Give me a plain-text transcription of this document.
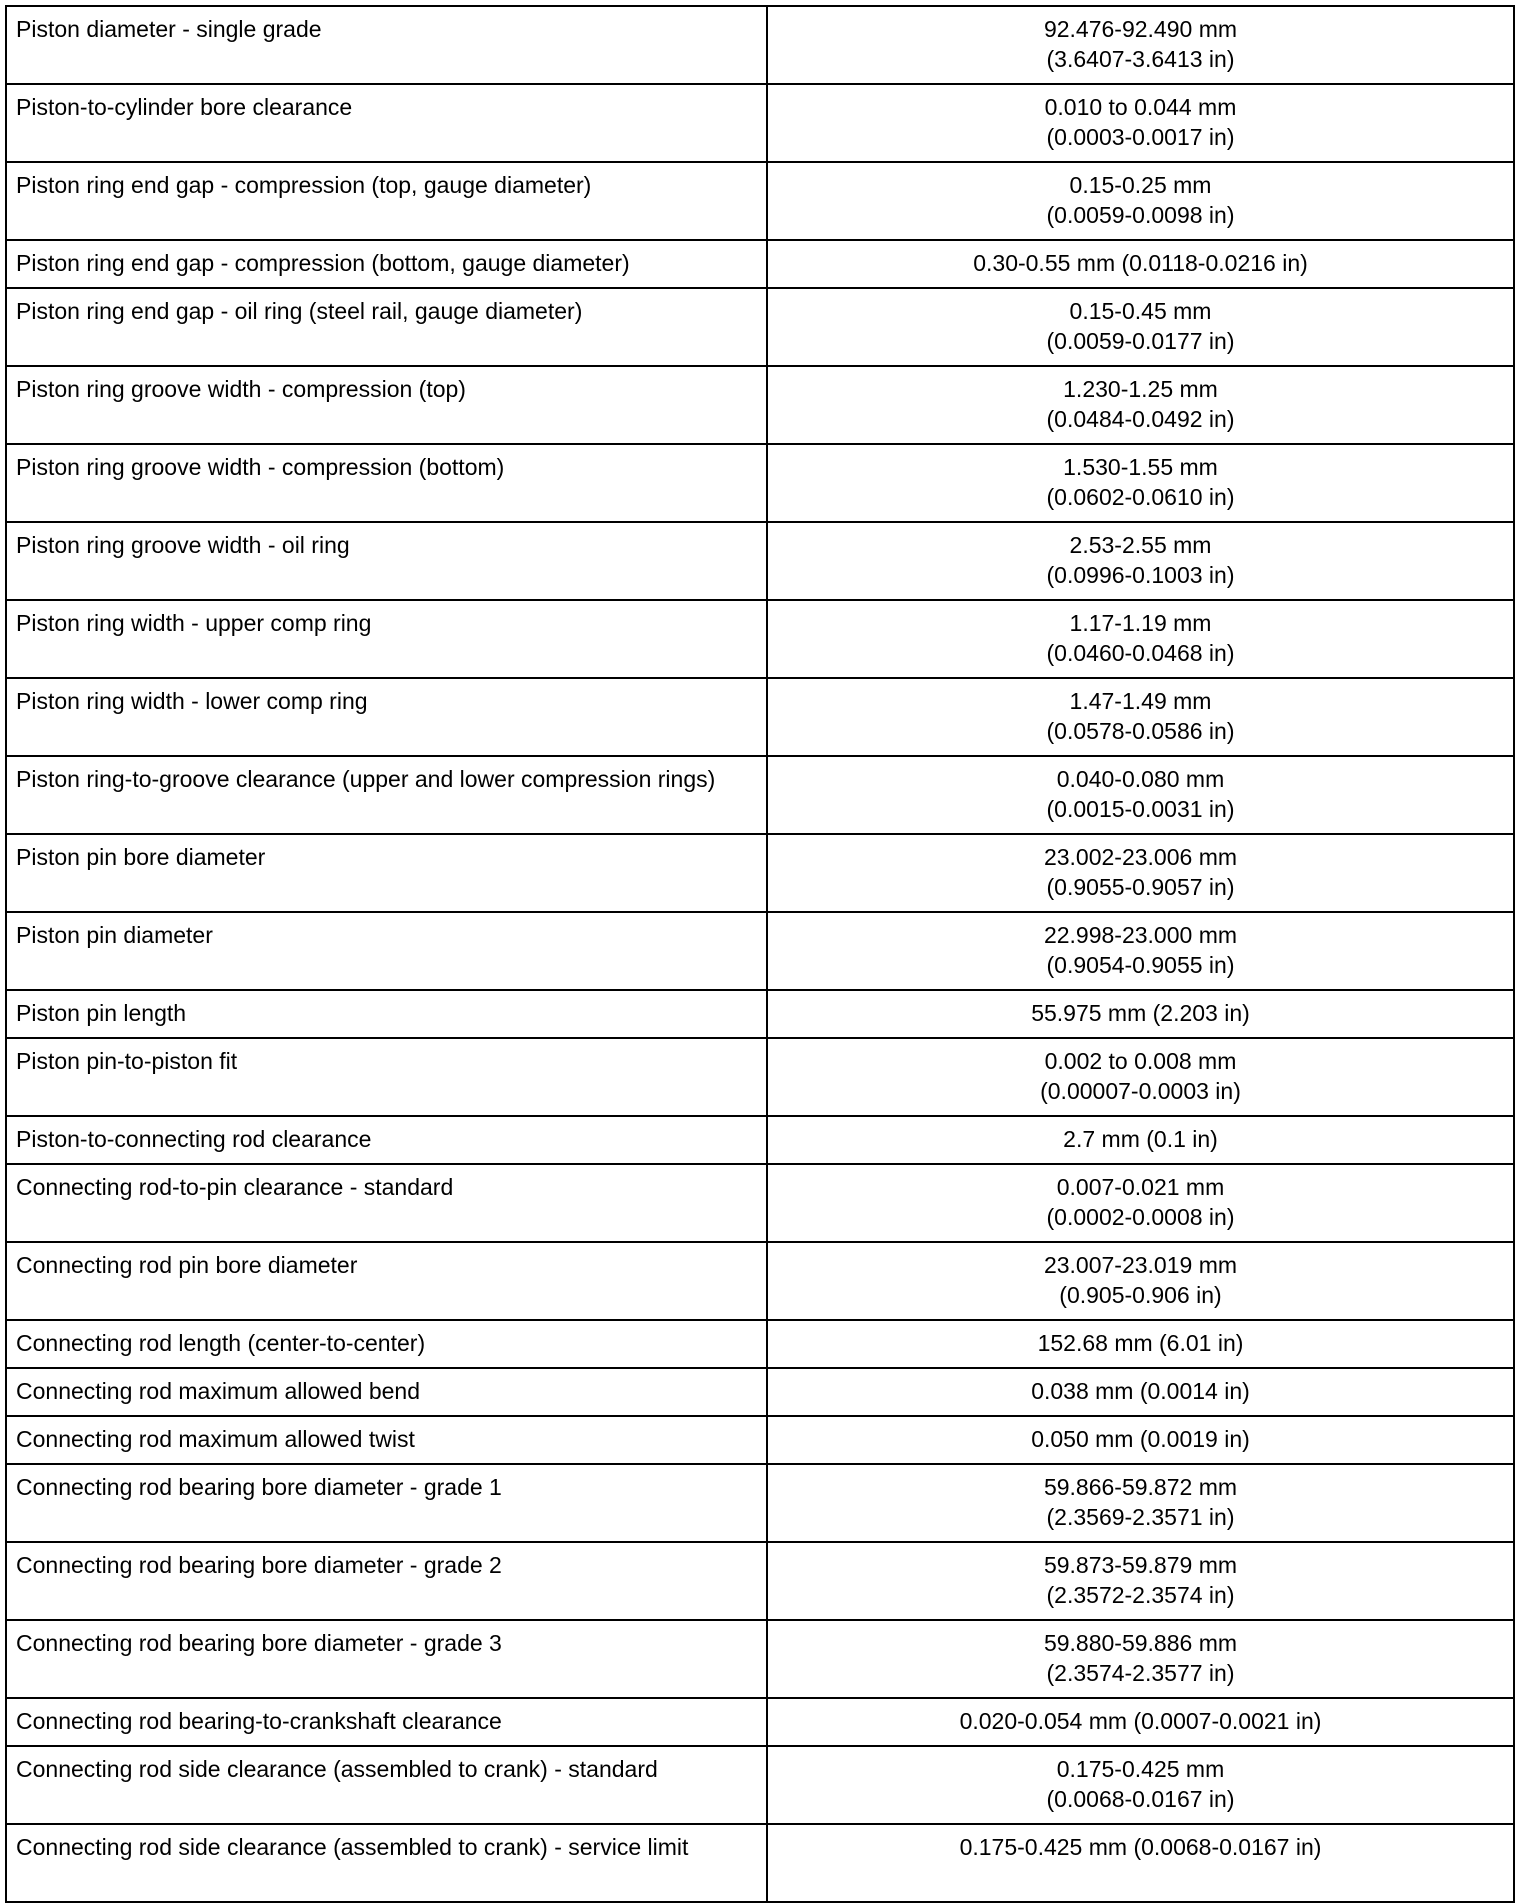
Piston diameter - single grade	92.476-92.490 mm
(3.6407-3.6413 in)

Piston-to-cylinder bore clearance	0.010 to 0.044 mm
(0.0003-0.0017 in)

Piston ring end gap - compression (top, gauge diameter)	0.15-0.25 mm
(0.0059-0.0098 in)

Piston ring end gap - compression (bottom, gauge diameter)	0.30-0.55 mm (0.0118-0.0216 in)

Piston ring end gap - oil ring (steel rail, gauge diameter)	0.15-0.45 mm
(0.0059-0.0177 in)

Piston ring groove width - compression (top)	1.230-1.25 mm
(0.0484-0.0492 in)

Piston ring groove width - compression (bottom)	1.530-1.55 mm
(0.0602-0.0610 in)

Piston ring groove width - oil ring	2.53-2.55 mm
(0.0996-0.1003 in)

Piston ring width - upper comp ring	1.17-1.19 mm
(0.0460-0.0468 in)

Piston ring width - lower comp ring	1.47-1.49 mm
(0.0578-0.0586 in)

Piston ring-to-groove clearance (upper and lower compression rings)	0.040-0.080 mm
(0.0015-0.0031 in)

Piston pin bore diameter	23.002-23.006 mm
(0.9055-0.9057 in)

Piston pin diameter	22.998-23.000 mm
(0.9054-0.9055 in)

Piston pin length	55.975 mm (2.203 in)

Piston pin-to-piston fit	0.002 to 0.008 mm
(0.00007-0.0003 in)

Piston-to-connecting rod clearance	2.7 mm (0.1 in)

Connecting rod-to-pin clearance - standard	0.007-0.021 mm
(0.0002-0.0008 in)

Connecting rod pin bore diameter	23.007-23.019 mm
(0.905-0.906 in)

Connecting rod length (center-to-center)	152.68 mm (6.01 in)

Connecting rod maximum allowed bend	0.038 mm (0.0014 in)

Connecting rod maximum allowed twist	0.050 mm (0.0019 in)

Connecting rod bearing bore diameter - grade 1	59.866-59.872 mm
(2.3569-2.3571 in)

Connecting rod bearing bore diameter - grade 2	59.873-59.879 mm
(2.3572-2.3574 in)

Connecting rod bearing bore diameter - grade 3	59.880-59.886 mm
(2.3574-2.3577 in)

Connecting rod bearing-to-crankshaft clearance	0.020-0.054 mm (0.0007-0.0021 in)

Connecting rod side clearance (assembled to crank) - standard	0.175-0.425 mm
(0.0068-0.0167 in)

Connecting rod side clearance (assembled to crank) - service limit	0.175-0.425 mm (0.0068-0.0167 in)
